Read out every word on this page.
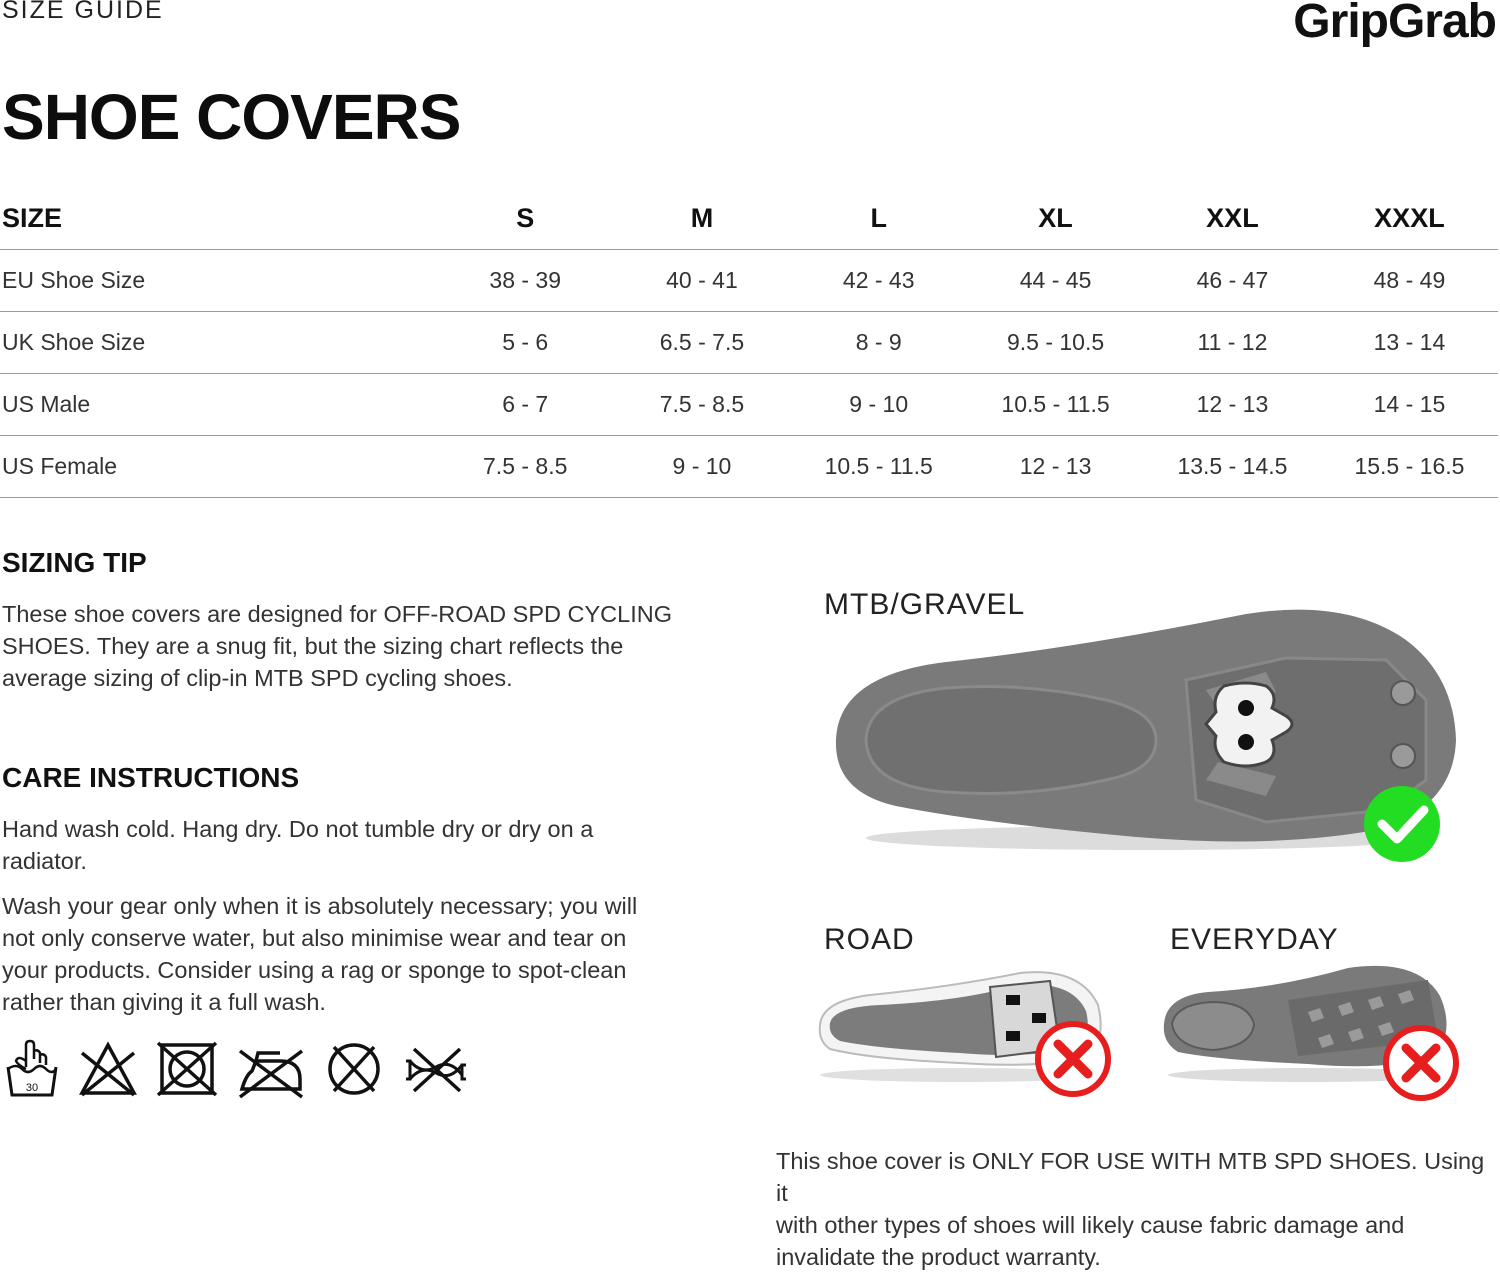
SIZE GUIDE	GripGrab
SHOE COVERS
SIZE	S	M	L	XL	XXL	XXXL
EU Shoe Size	38 - 39	40 - 41	42 - 43	44 - 45	46 - 47	48 - 49
UK Shoe Size	5 - 6	6.5 - 7.5	8 - 9	9.5 - 10.5	11 - 12	13 - 14
US Male	6 - 7	7.5 - 8.5	9 - 10	10.5 - 11.5	12 - 13	14 - 15
US Female	7.5 - 8.5	9 - 10	10.5 - 11.5	12 - 13	13.5 - 14.5	15.5 - 16.5
SIZING TIP

These shoe covers are designed for OFF-ROAD SPD CYCLING
SHOES. They are a snug fit, but the sizing chart reflects the
average sizing of clip-in MTB SPD cycling shoes.

CARE INSTRUCTIONS

Hand wash cold. Hang dry. Do not tumble dry or dry on a
radiator.

Wash your gear only when it is absolutely necessary; you will
not only conserve water, but also minimise wear and tear on
your products. Consider using a rag or sponge to spot-clean
rather than giving it a full wash.

30
MTB/GRAVEL
ROAD	EVERYDAY

This shoe cover is ONLY FOR USE WITH MTB SPD SHOES. Using it
with other types of shoes will likely cause fabric damage and
invalidate the product warranty.
